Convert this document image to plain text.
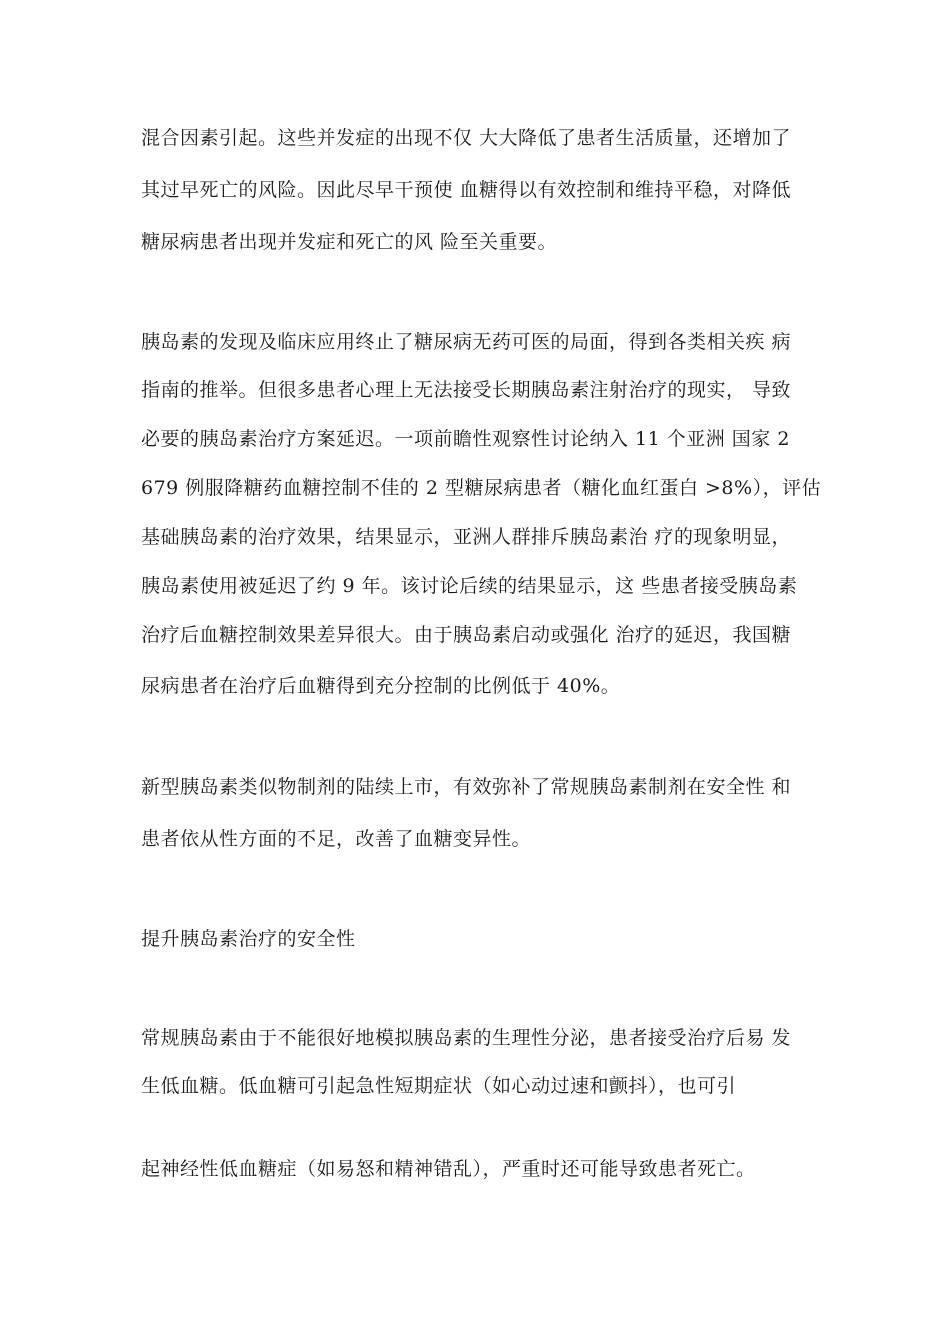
混合因素引起。这些并发症的出现不仅 大大降低了患者生活质量，还增加了
其过早死亡的风险。因此尽早干预使 血糖得以有效控制和维持平稳，对降低
糖尿病患者出现并发症和死亡的风 险至关重要。
胰岛素的发现及临床应用终止了糖尿病无药可医的局面，得到各类相关疾 病
指南的推举。但很多患者心理上无法接受长期胰岛素注射治疗的现实， 导致
必要的胰岛素治疗方案延迟。一项前瞻性观察性讨论纳入 11 个亚洲 国家 2
679 例服降糖药血糖控制不佳的 2 型糖尿病患者（糖化血红蛋白 >8%），评估
基础胰岛素的治疗效果，结果显示，亚洲人群排斥胰岛素治 疗的现象明显，
胰岛素使用被延迟了约 9 年。该讨论后续的结果显示，这 些患者接受胰岛素
治疗后血糖控制效果差异很大。由于胰岛素启动或强化 治疗的延迟，我国糖
尿病患者在治疗后血糖得到充分控制的比例低于 40%。
新型胰岛素类似物制剂的陆续上市，有效弥补了常规胰岛素制剂在安全性 和
患者依从性方面的不足，改善了血糖变异性。
提升胰岛素治疗的安全性
常规胰岛素由于不能很好地模拟胰岛素的生理性分泌，患者接受治疗后易 发
生低血糖。低血糖可引起急性短期症状（如心动过速和颤抖），也可引
起神经性低血糖症（如易怒和精神错乱），严重时还可能导致患者死亡。
